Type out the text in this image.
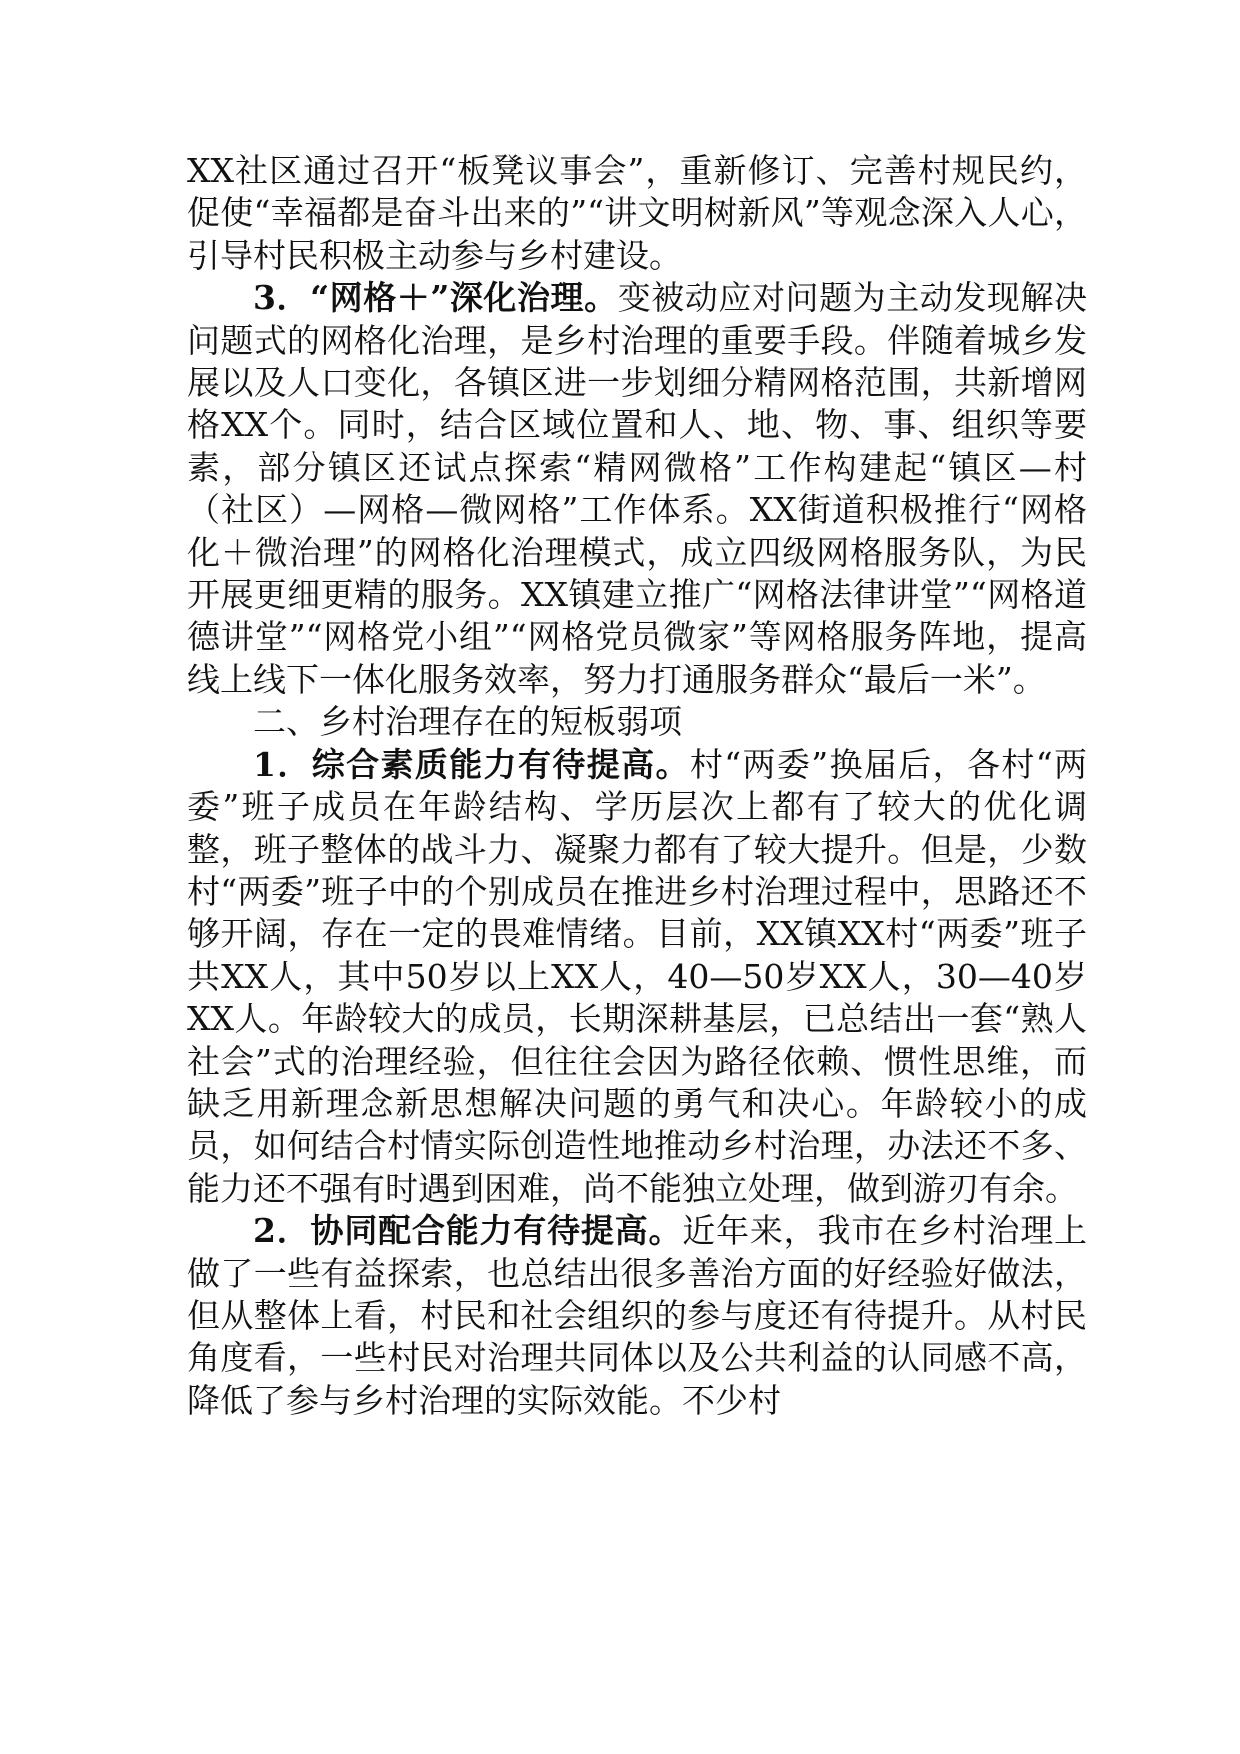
XX社区通过召开“板凳议事会”，重新修订、完善村规民约，促使“幸福都是奋斗出来的”“讲文明树新风”等观念深入人心，引导村民积极主动参与乡村建设。

3．“网格＋”深化治理。变被动应对问题为主动发现解决问题式的网格化治理，是乡村治理的重要手段。伴随着城乡发展以及人口变化，各镇区进一步划细分精网格范围，共新增网格XX个。同时，结合区域位置和人、地、物、事、组织等要素，部分镇区还试点探索“精网微格”工作构建起“镇区—村（社区）—网格—微网格”工作体系。XX街道积极推行“网格化＋微治理”的网格化治理模式，成立四级网格服务队，为民开展更细更精的服务。XX镇建立推广“网格法律讲堂”“网格道德讲堂”“网格党小组”“网格党员微家”等网格服务阵地，提高线上线下一体化服务效率，努力打通服务群众“最后一米”。

二、乡村治理存在的短板弱项

1．综合素质能力有待提高。村“两委”换届后，各村“两委”班子成员在年龄结构、学历层次上都有了较大的优化调整，班子整体的战斗力、凝聚力都有了较大提升。但是，少数村“两委”班子中的个别成员在推进乡村治理过程中，思路还不够开阔，存在一定的畏难情绪。目前，XX镇XX村“两委”班子共XX人，其中50岁以上XX人，40—50岁XX人，30—40岁XX人。年龄较大的成员，长期深耕基层，已总结出一套“熟人社会”式的治理经验，但往往会因为路径依赖、惯性思维，而缺乏用新理念新思想解决问题的勇气和决心。年龄较小的成员，如何结合村情实际创造性地推动乡村治理，办法还不多、能力还不强有时遇到困难，尚不能独立处理，做到游刃有余。

2．协同配合能力有待提高。近年来，我市在乡村治理上做了一些有益探索，也总结出很多善治方面的好经验好做法，但从整体上看，村民和社会组织的参与度还有待提升。从村民角度看，一些村民对治理共同体以及公共利益的认同感不高，降低了参与乡村治理的实际效能。不少村
